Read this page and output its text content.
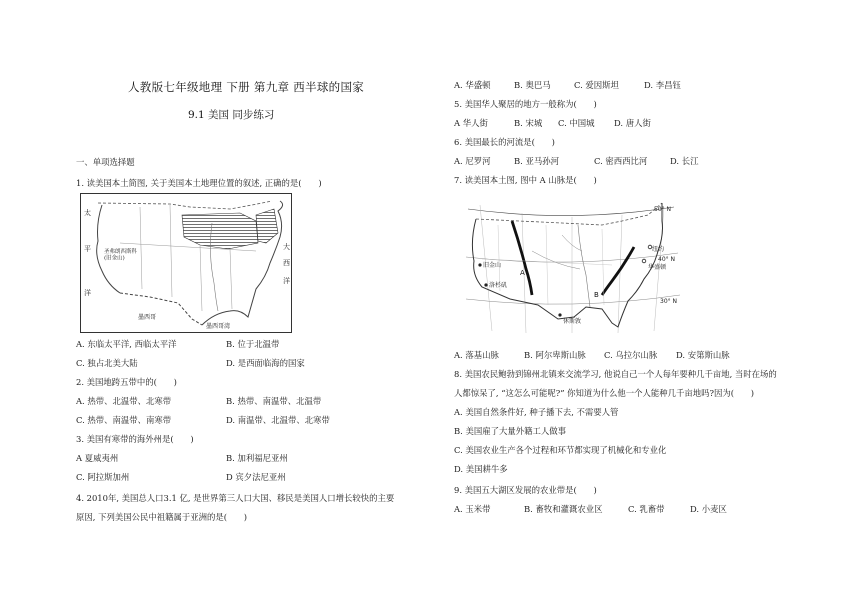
人教版七年级地理 下册 第九章 西半球的国家
9.1 美国 同步练习
一、单项选择题
1. 读美国本土简图, 关于美国本土地理位置的叙述, 正确的是(　　)
太
平
洋
大
西
洋
圣弗朗西斯科(旧金山)
墨西哥
墨西哥湾
A. 东临太平洋, 西临太平洋	B. 位于北温带
C. 独占北美大陆	D. 是西面临海的国家
2. 美国地跨五带中的(　　)
A. 热带、北温带、北寒带	B. 热带、南温带、北温带
C. 热带、南温带、南寒带	D. 南温带、北温带、北寒带
3. 美国有寒带的海外州是(　　)
A 夏威夷州	B. 加利福尼亚州
C. 阿拉斯加州	D 宾夕法尼亚州
4. 2010年, 美国总人口3.1 亿, 是世界第三人口大国、移民是美国人口增长较快的主要
原因, 下列美国公民中祖籍属于亚洲的是(　　)
A. 华盛顿	B. 奥巴马	C. 爱因斯坦	D. 李昌钰
5. 美国华人聚居的地方一般称为(　　)
A 华人街	B. 宋城 C. 中国城 D. 唐人街
6. 美国最长的河流是(　　)
A. 尼罗河	B. 亚马孙河	C. 密西西比河	D. 长江
7. 读美国本土图, 图中 A 山脉是(　　)
50° N
40° N
30° N
旧金山
洛杉矶
纽约
华盛顿
休斯敦
A
B
A. 落基山脉	B. 阿尔卑斯山脉 C. 乌拉尔山脉 D. 安第斯山脉
8. 美国农民鲍勃到锦州北镇来交流学习, 他说自己一个人每年要种几千亩地, 当时在场的
人都惊呆了, “这怎么可能呢?” 你知道为什么他一个人能种几千亩地吗?因为(　　)
A. 美国自然条件好, 种子播下去, 不需要人管
B. 美国雇了大量外籍工人做事
C. 美国农业生产各个过程和环节都实现了机械化和专业化
D. 美国耕牛多
9. 美国五大湖区发展的农业带是(　　)
A. 玉米带	B. 畜牧和灌溉农业区	C. 乳畜带	D. 小麦区
